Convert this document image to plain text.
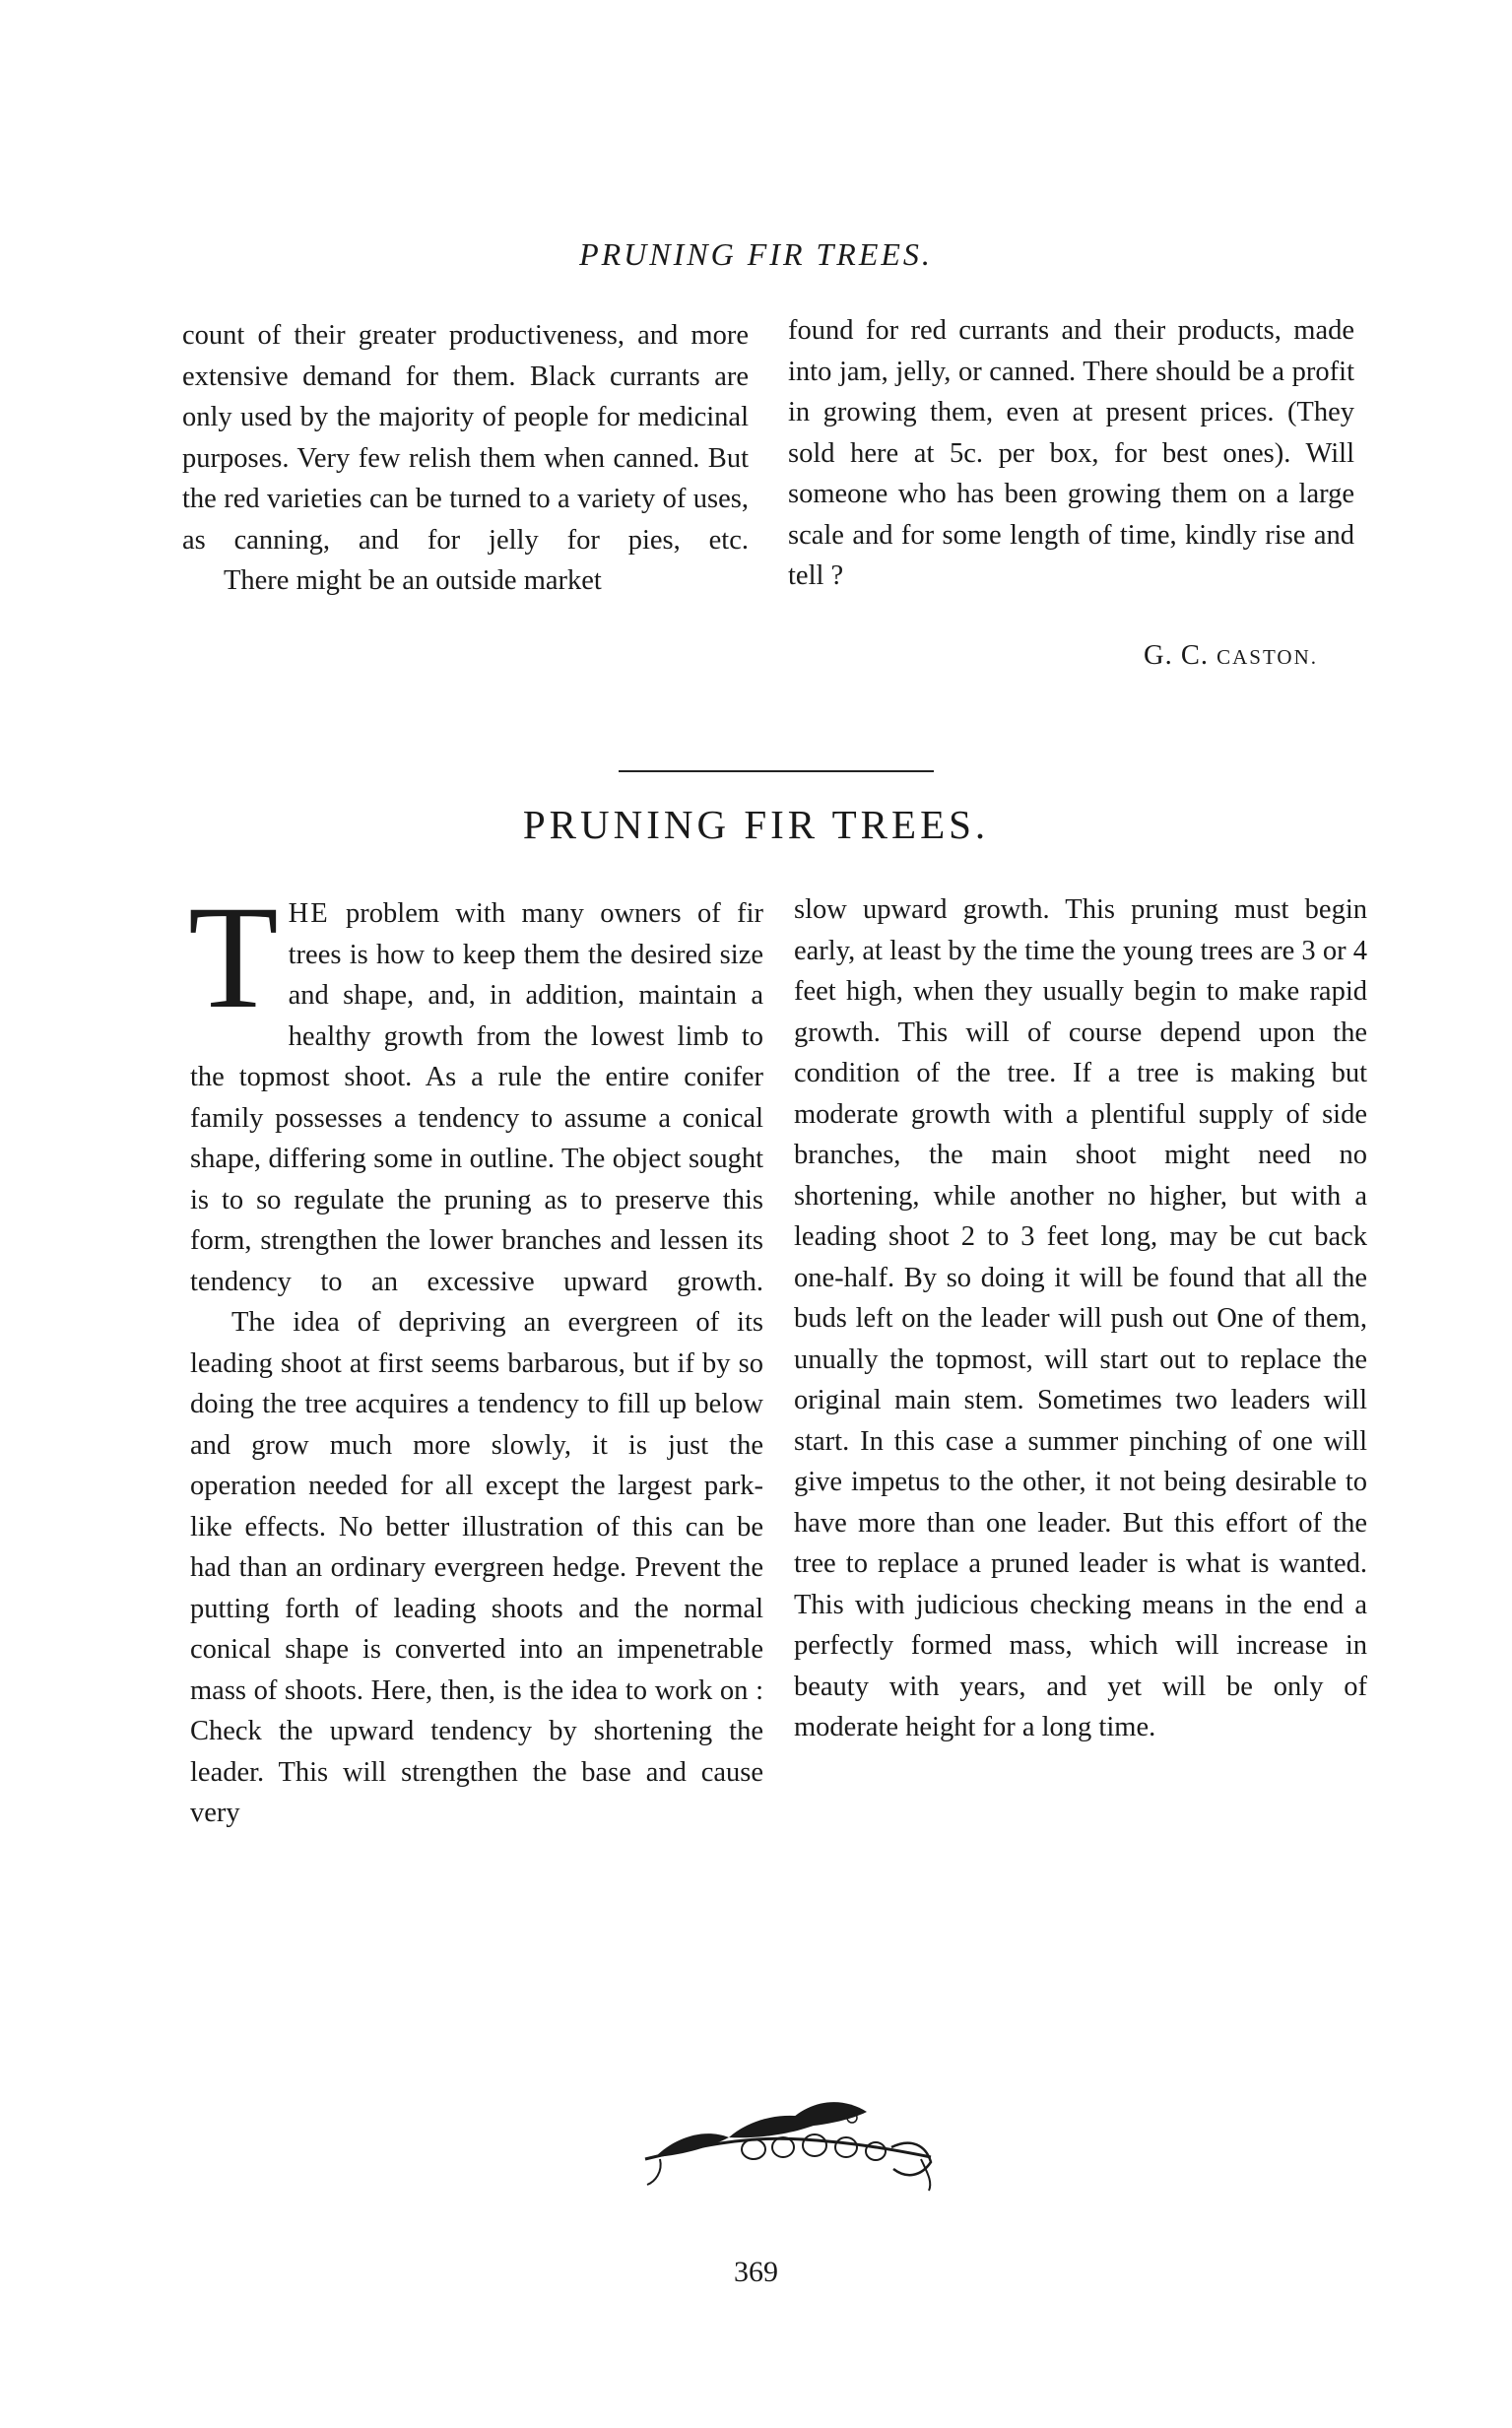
PRUNING FIR TREES.

count of their greater productiveness, and more extensive demand for them. Black currants are only used by the majority of people for medicinal purposes. Very few relish them when canned. But the red varieties can be turned to a variety of uses, as canning, and for jelly for pies, etc.

There might be an outside market

found for red currants and their products, made into jam, jelly, or canned. There should be a profit in growing them, even at present prices. (They sold here at 5c. per box, for best ones). Will someone who has been growing them on a large scale and for some length of time, kindly rise and tell ?

G. C. CASTON.
PRUNING FIR TREES.

THE problem with many owners of fir trees is how to keep them the desired size and shape, and, in addition, maintain a healthy growth from the lowest limb to the topmost shoot. As a rule the entire conifer family possesses a tendency to assume a conical shape, differing some in outline. The object sought is to so regulate the pruning as to preserve this form, strengthen the lower branches and lessen its tendency to an excessive upward growth.

The idea of depriving an evergreen of its leading shoot at first seems barbarous, but if by so doing the tree acquires a tendency to fill up below and grow much more slowly, it is just the operation needed for all except the largest park-like effects. No better illustration of this can be had than an ordinary evergreen hedge. Prevent the putting forth of leading shoots and the normal conical shape is converted into an impenetrable mass of shoots. Here, then, is the idea to work on : Check the upward tendency by shortening the leader. This will strengthen the base and cause very

slow upward growth. This pruning must begin early, at least by the time the young trees are 3 or 4 feet high, when they usually begin to make rapid growth. This will of course depend upon the condition of the tree. If a tree is making but moderate growth with a plentiful supply of side branches, the main shoot might need no shortening, while another no higher, but with a leading shoot 2 to 3 feet long, may be cut back one-half. By so doing it will be found that all the buds left on the leader will push out One of them, unually the topmost, will start out to replace the original main stem. Sometimes two leaders will start. In this case a summer pinching of one will give impetus to the other, it not being desirable to have more than one leader. But this effort of the tree to replace a pruned leader is what is wanted. This with judicious checking means in the end a perfectly formed mass, which will increase in beauty with years, and yet will be only of moderate height for a long time.

369
